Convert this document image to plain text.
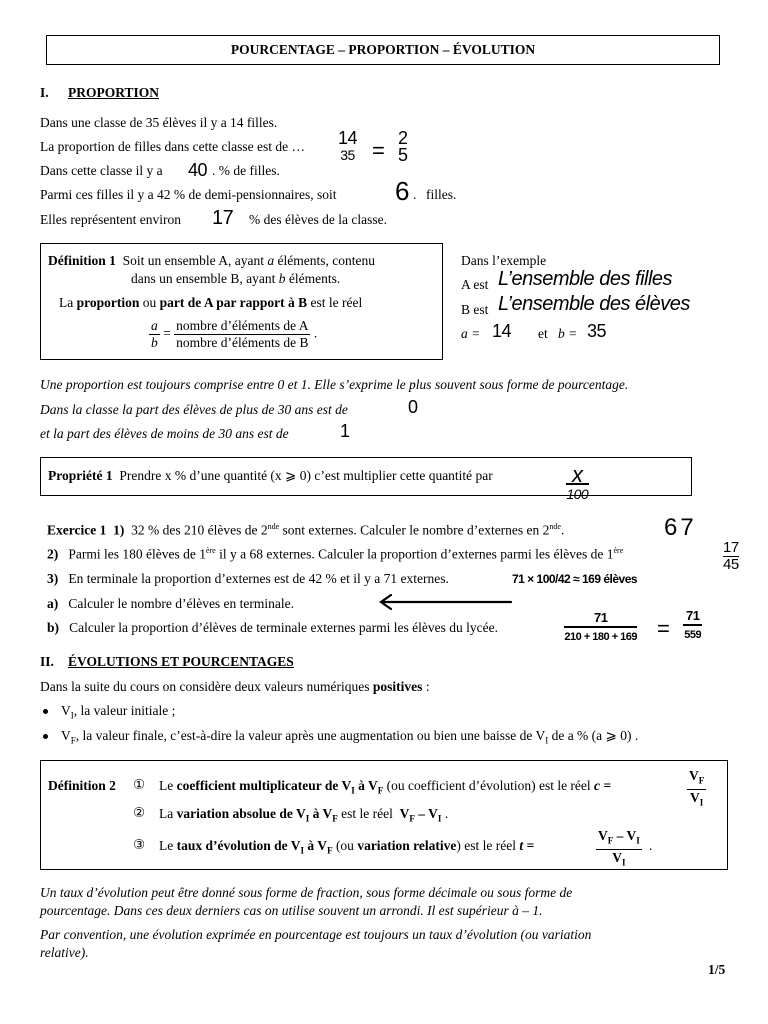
POURCENTAGE – PROPORTION – ÉVOLUTION
I. PROPORTION
Dans une classe de 35 élèves il y a 14 filles.
La proportion de filles dans cette classe est de … 14
35 = 2
5
Dans cette classe il y a 40 . % de filles.
Parmi ces filles il y a 42 % de demi-pensionnaires, soit 6 . filles.
Elles représentent environ 17 % des élèves de la classe.
Définition 1 Soit un ensemble A, ayant a éléments, contenu
dans un ensemble B, ayant b éléments.
La proportion ou part de A par rapport à B est le réel
$\frac{a}{b} = \frac{\text{nombre d’éléments de A}}{\text{nombre d’éléments de B}}$ .
Dans l’exemple
A est L’ensemble des filles
B est L’ensemble des élèves
a = 14 et b = 35
Une proportion est toujours comprise entre 0 et 1. Elle s’exprime le plus souvent sous forme de pourcentage.
Dans la classe la part des élèves de plus de 30 ans est de	0
et la part des élèves de moins de 30 ans est de	1
Propriété 1 Prendre x % d’une quantité (x ⩾ 0) c’est multiplier cette quantité par	x
100
Exercice 1 1) 32 % des 210 élèves de 2nde sont externes. Calculer le nombre d’externes en 2nde.	67
2) Parmi les 180 élèves de 1ère il y a 68 externes. Calculer la proportion d’externes parmi les élèves de 1ère	$\frac{17}{45}$
3) En terminale la proportion d’externes est de 42 % et il y a 71 externes.	71 × 100/42 ≈ 169 élèves
a) Calculer le nombre d’élèves en terminale.
b) Calculer la proportion d’élèves de terminale externes parmi les élèves du lycée.
71
210 + 180 + 169 =
71
559
II. ÉVOLUTIONS ET POURCENTAGES
Dans la suite du cours on considère deux valeurs numériques positives :
$V_I$, la valeur initiale ;
$V_F$, la valeur finale, c’est-à-dire la valeur après une augmentation ou bien une baisse de $V_I$ de a % (a ⩾ 0) .
Définition 2 ① Le coefficient multiplicateur de $V_I$ à $V_F$ (ou coefficient d’évolution) est le réel c =	$\frac{V_F}{V_I}$
② La variation absolue de $V_I$ à $V_F$ est le réel $V_F - V_I$ .
③ Le taux d’évolution de $V_I$ à $V_F$ (ou variation relative) est le réel t =	$\frac{V_F - V_I}{V_I}$ .
Un taux d’évolution peut être donné sous forme de fraction, sous forme décimale ou sous forme de
pourcentage. Dans ces deux derniers cas on utilise souvent un arrondi. Il est supérieur à – 1.
Par convention, une évolution exprimée en pourcentage est toujours un taux d’évolution (ou variation
relative).
1/5
